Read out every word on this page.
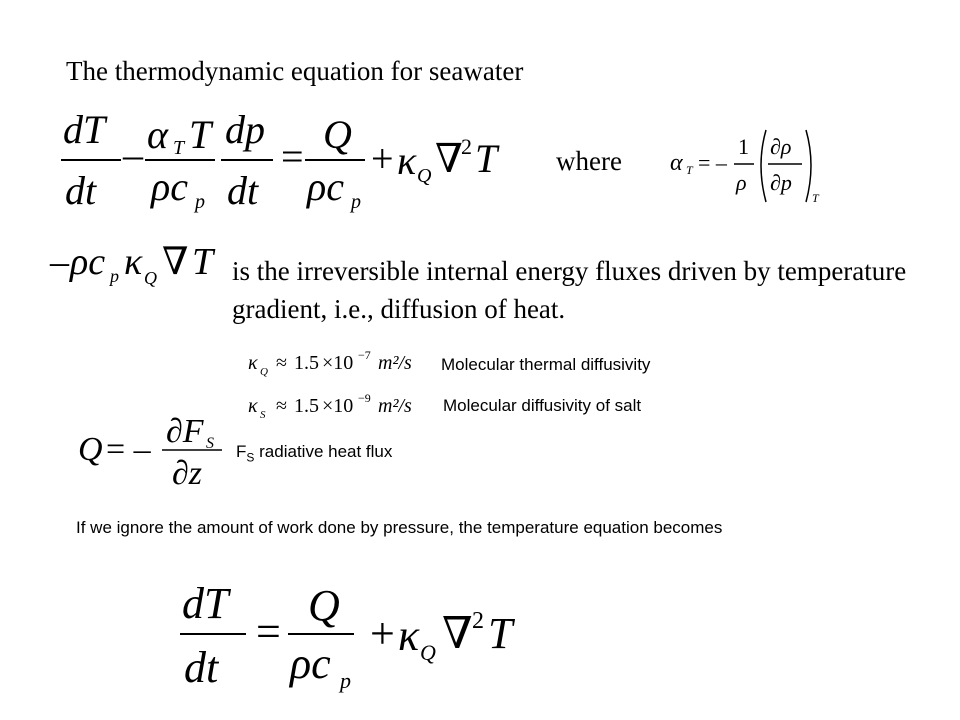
The thermodynamic equation for seawater
dT
dt
– α T T
ρc p
dp
dt
= Q
ρc p
+ κ Q ∇
2 T where α T = –
1
ρ
∂ρ
∂p
T
– ρc p κ Q ∇ T is the irreversible internal energy fluxes driven by temperature gradient, i.e., diffusion of heat.
κ Q ≈ 1.5 ×10 −7 m²/s Molecular thermal diffusivity
κ S ≈ 1.5 ×10 −9 m²/s Molecular diffusivity of salt
Q = – ∂F S
∂z
$F_S$ radiative heat flux
If we ignore the amount of work done by pressure, the temperature equation becomes
dT
dt
=
Q
ρc p
+ κ Q ∇ 2 T
